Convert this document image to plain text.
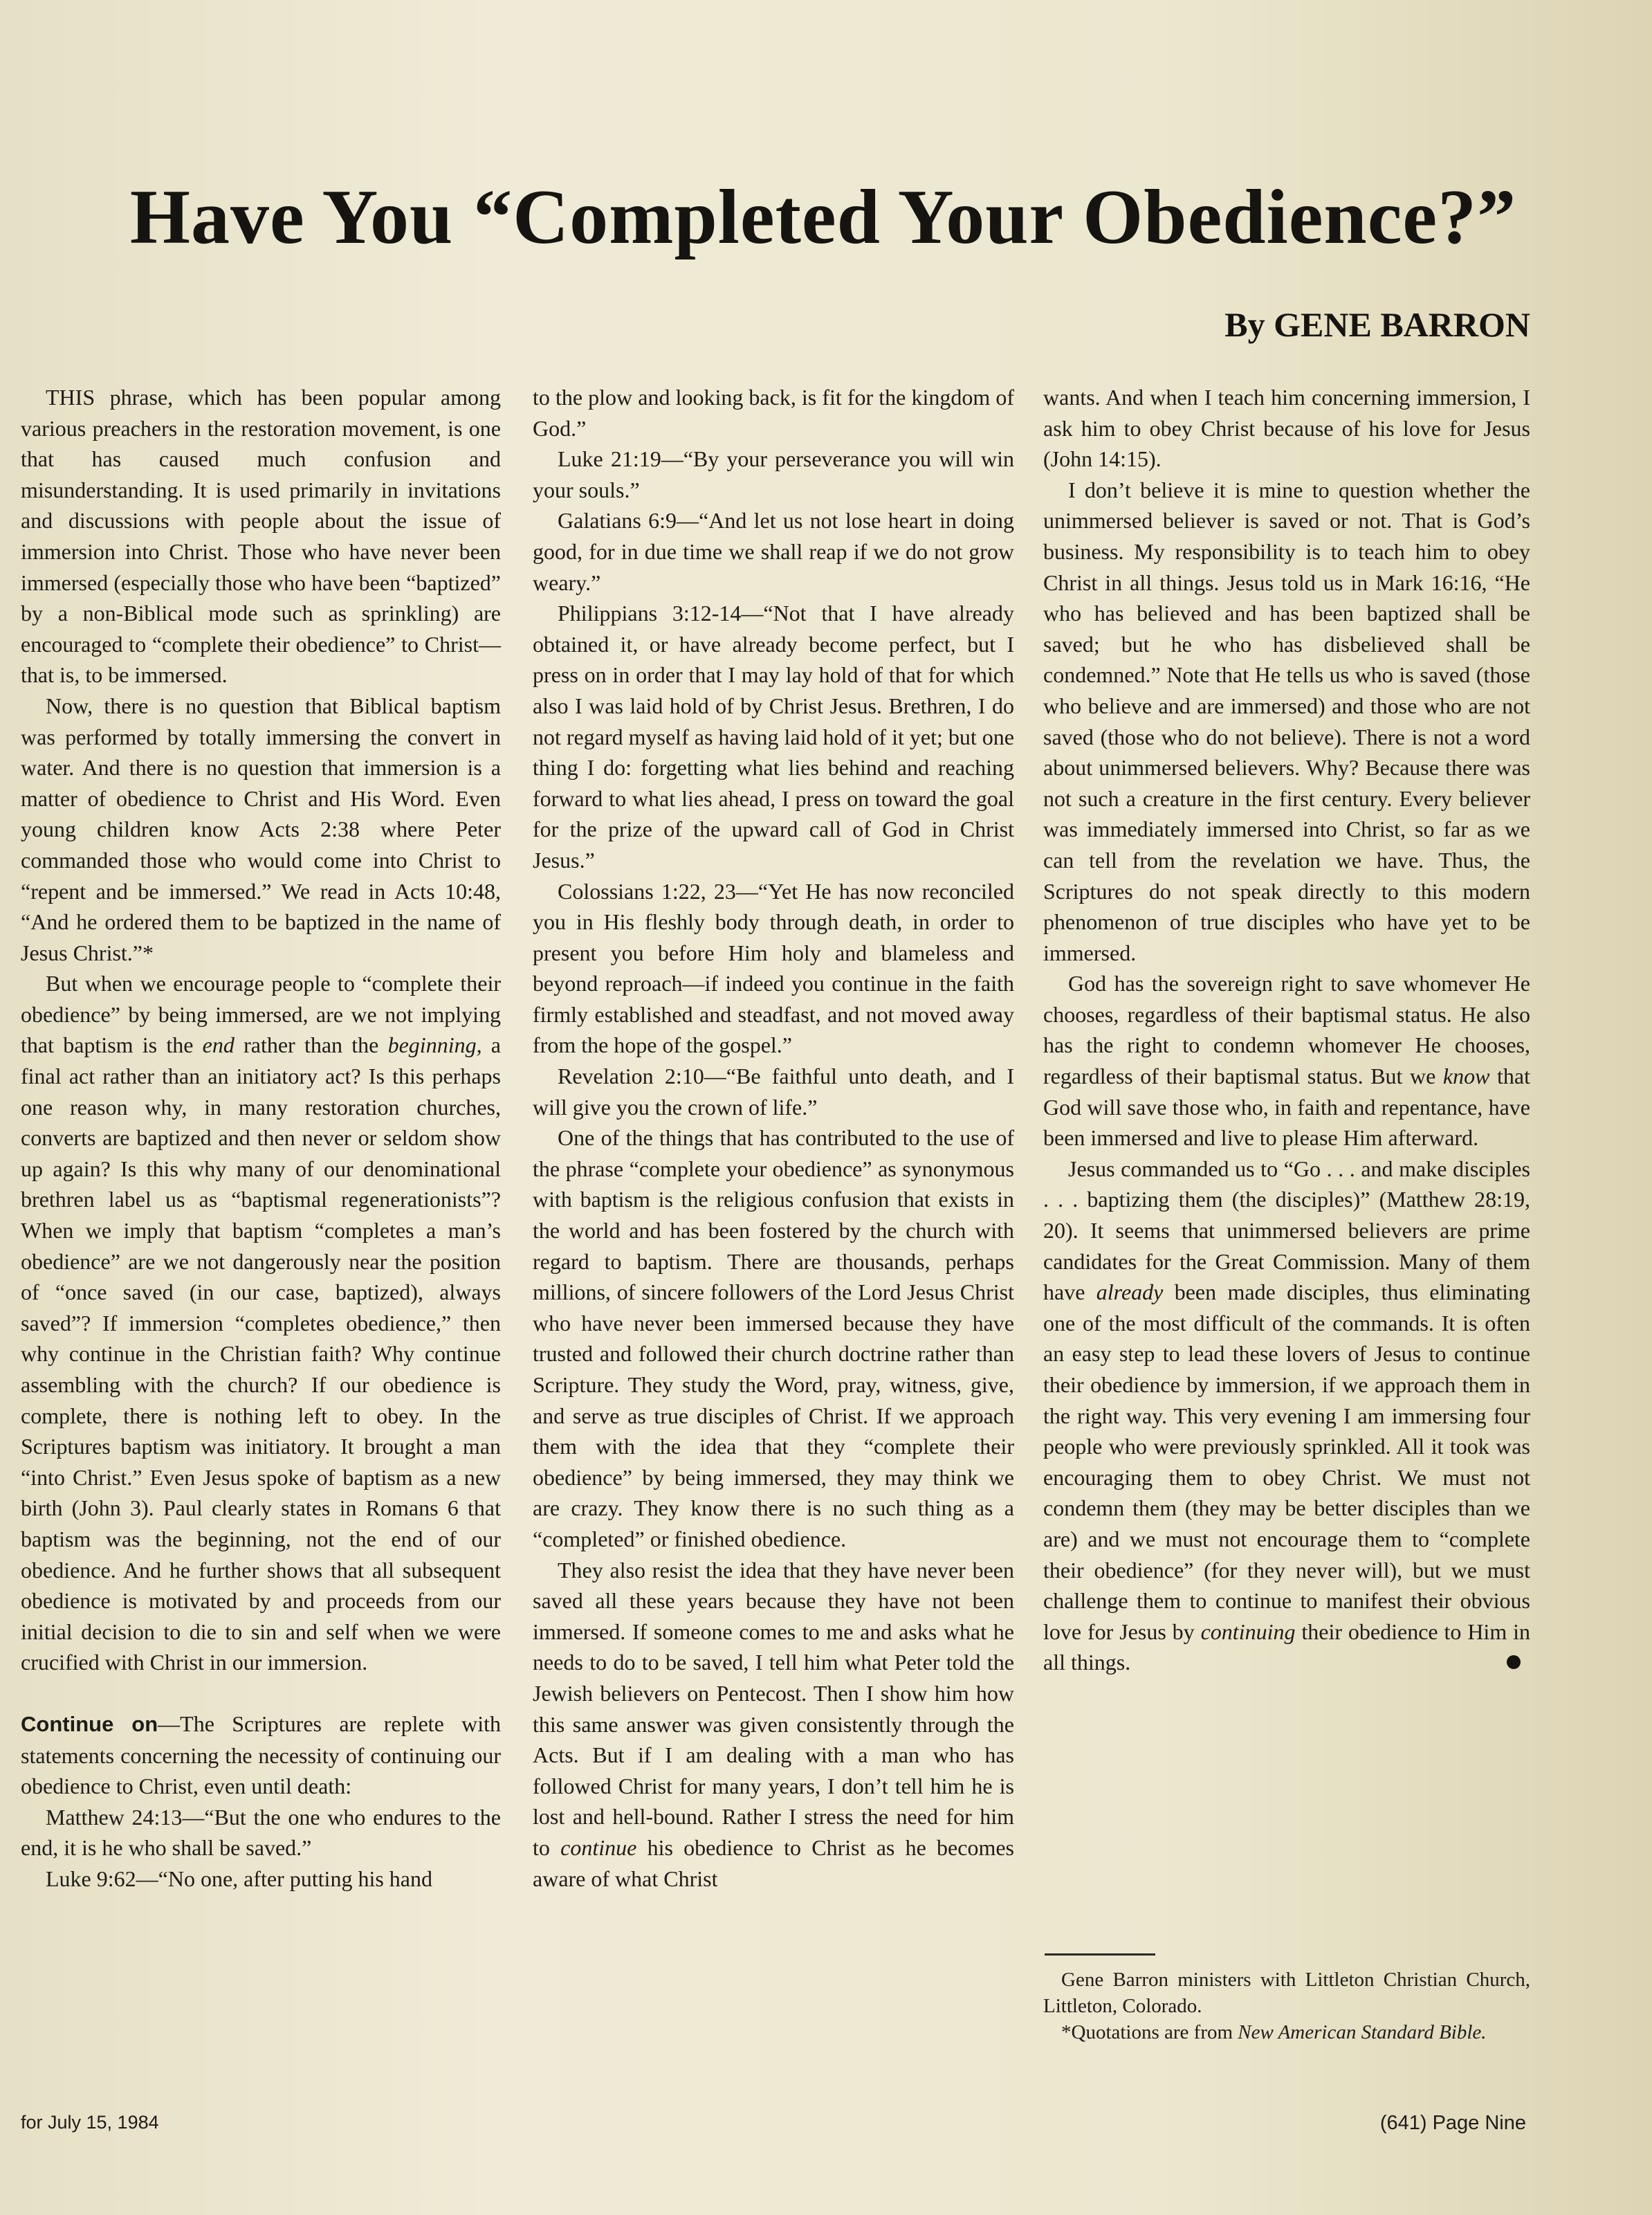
Have You “Completed Your Obedience?”
By GENE BARRON

THIS phrase, which has been popular among various preachers in the restoration movement, is one that has caused much confusion and misunderstanding. It is used primarily in invitations and discussions with people about the issue of immersion into Christ. Those who have never been immersed (especially those who have been “baptized” by a non-Biblical mode such as sprinkling) are encouraged to “complete their obedience” to Christ—that is, to be immersed.

Now, there is no question that Biblical baptism was performed by totally immersing the convert in water. And there is no question that immersion is a matter of obedience to Christ and His Word. Even young children know Acts 2:38 where Peter commanded those who would come into Christ to “repent and be immersed.” We read in Acts 10:48, “And he ordered them to be baptized in the name of Jesus Christ.”*

But when we encourage people to “complete their obedience” by being immersed, are we not implying that baptism is the end rather than the beginning, a final act rather than an initiatory act? Is this perhaps one reason why, in many restoration churches, converts are baptized and then never or seldom show up again? Is this why many of our denominational brethren label us as “baptismal regenerationists”? When we imply that baptism “completes a man’s obedience” are we not dangerously near the position of “once saved (in our case, baptized), always saved”? If immersion “completes obedience,” then why continue in the Christian faith? Why continue assembling with the church? If our obedience is complete, there is nothing left to obey. In the Scriptures baptism was initiatory. It brought a man “into Christ.” Even Jesus spoke of baptism as a new birth (John 3). Paul clearly states in Romans 6 that baptism was the beginning, not the end of our obedience. And he further shows that all subsequent obedience is motivated by and proceeds from our initial decision to die to sin and self when we were crucified with Christ in our immersion.

Continue on—The Scriptures are replete with statements concerning the necessity of continuing our obedience to Christ, even until death:

Matthew 24:13—“But the one who endures to the end, it is he who shall be saved.”

Luke 9:62—“No one, after putting his hand

to the plow and looking back, is fit for the kingdom of God.”

Luke 21:19—“By your perseverance you will win your souls.”

Galatians 6:9—“And let us not lose heart in doing good, for in due time we shall reap if we do not grow weary.”

Philippians 3:12-14—“Not that I have already obtained it, or have already become perfect, but I press on in order that I may lay hold of that for which also I was laid hold of by Christ Jesus. Brethren, I do not regard myself as having laid hold of it yet; but one thing I do: forgetting what lies behind and reaching forward to what lies ahead, I press on toward the goal for the prize of the upward call of God in Christ Jesus.”

Colossians 1:22, 23—“Yet He has now reconciled you in His fleshly body through death, in order to present you before Him holy and blameless and beyond reproach—if indeed you continue in the faith firmly established and steadfast, and not moved away from the hope of the gospel.”

Revelation 2:10—“Be faithful unto death, and I will give you the crown of life.”

One of the things that has contributed to the use of the phrase “complete your obedience” as synonymous with baptism is the religious confusion that exists in the world and has been fostered by the church with regard to baptism. There are thousands, perhaps millions, of sincere followers of the Lord Jesus Christ who have never been immersed because they have trusted and followed their church doctrine rather than Scripture. They study the Word, pray, witness, give, and serve as true disciples of Christ. If we approach them with the idea that they “complete their obedience” by being immersed, they may think we are crazy. They know there is no such thing as a “completed” or finished obedience.

They also resist the idea that they have never been saved all these years because they have not been immersed. If someone comes to me and asks what he needs to do to be saved, I tell him what Peter told the Jewish believers on Pentecost. Then I show him how this same answer was given consistently through the Acts. But if I am dealing with a man who has followed Christ for many years, I don’t tell him he is lost and hell-bound. Rather I stress the need for him to continue his obedience to Christ as he becomes aware of what Christ

wants. And when I teach him concerning immersion, I ask him to obey Christ because of his love for Jesus (John 14:15).

I don’t believe it is mine to question whether the unimmersed believer is saved or not. That is God’s business. My responsibility is to teach him to obey Christ in all things. Jesus told us in Mark 16:16, “He who has believed and has been baptized shall be saved; but he who has disbelieved shall be condemned.” Note that He tells us who is saved (those who believe and are immersed) and those who are not saved (those who do not believe). There is not a word about unimmersed believers. Why? Because there was not such a creature in the first century. Every believer was immediately immersed into Christ, so far as we can tell from the revelation we have. Thus, the Scriptures do not speak directly to this modern phenomenon of true disciples who have yet to be immersed.

God has the sovereign right to save whomever He chooses, regardless of their baptismal status. He also has the right to condemn whomever He chooses, regardless of their baptismal status. But we know that God will save those who, in faith and repentance, have been immersed and live to please Him afterward.

Jesus commanded us to “Go . . . and make disciples . . . baptizing them (the disciples)” (Matthew 28:19, 20). It seems that unimmersed believers are prime candidates for the Great Commission. Many of them have already been made disciples, thus eliminating one of the most difficult of the commands. It is often an easy step to lead these lovers of Jesus to continue their obedience by immersion, if we approach them in the right way. This very evening I am immersing four people who were previously sprinkled. All it took was encouraging them to obey Christ. We must not condemn them (they may be better disciples than we are) and we must not encourage them to “complete their obedience” (for they never will), but we must challenge them to continue to manifest their obvious love for Jesus by continuing their obedience to Him in all things.

Gene Barron ministers with Littleton Christian Church, Littleton, Colorado.

*Quotations are from New American Standard Bible.

for July 15, 1984	(641) Page Nine
